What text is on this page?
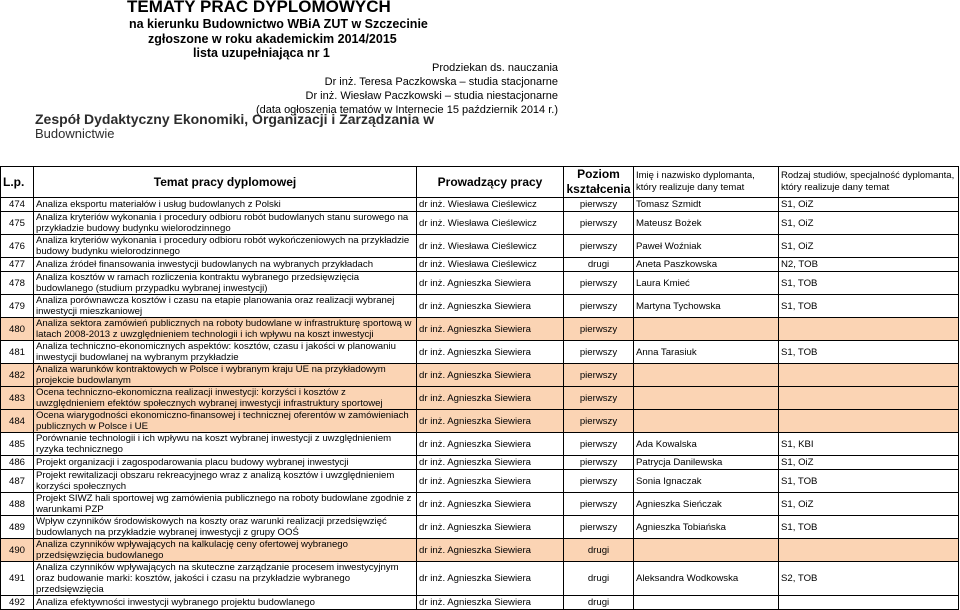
TEMATY PRAC DYPLOMOWYCH
na kierunku Budownictwo WBiA ZUT w Szczecinie
zgłoszone w roku akademickim 2014/2015
lista uzupełniająca nr 1
Prodziekan ds. nauczania
Dr inż. Teresa Paczkowska – studia stacjonarne
Dr inż. Wiesław Paczkowski – studia niestacjonarne
(data ogłoszenia tematów w Internecie 15 październik 2014 r.)
Zespół Dydaktyczny Ekonomiki, Organizacji i Zarządzania w
Budownictwie
L.p.	Temat pracy dyplomowej	Prowadzący pracy	Poziom kształcenia	Imię i nazwisko dyplomanta, który realizuje dany temat	Rodzaj studiów, specjalność dyplomanta, który realizuje dany temat
474	Analiza eksportu materiałów i usług budowlanych z Polski	dr inż. Wiesława Cieślewicz	pierwszy	Tomasz Szmidt	S1, OiZ
475	Analiza kryteriów wykonania i procedury odbioru robót budowlanych stanu surowego na przykładzie budowy budynku wielorodzinnego	dr inż. Wiesława Cieślewicz	pierwszy	Mateusz Bożek	S1, OiZ
476	Analiza kryteriów wykonania i procedury odbioru robót wykończeniowych na przykładzie budowy budynku wielorodzinnego	dr inż. Wiesława Cieślewicz	pierwszy	Paweł Woźniak	S1, OiZ
477	Analiza źródeł finansowania inwestycji budowlanych na wybranych przykładach	dr inż. Wiesława Cieślewicz	drugi	Aneta Paszkowska	N2, TOB
478	Analiza kosztów w ramach rozliczenia kontraktu wybranego przedsięwzięcia budowlanego (studium przypadku wybranej inwestycji)	dr inż. Agnieszka Siewiera	pierwszy	Laura Kmieć	S1, TOB
479	Analiza porównawcza kosztów i czasu na etapie planowania oraz realizacji wybranej inwestycji mieszkaniowej	dr inż. Agnieszka Siewiera	pierwszy	Martyna Tychowska	S1, TOB
480	Analiza sektora zamówień publicznych na roboty budowlane w infrastrukturę sportową w latach 2008-2013 z uwzględnieniem technologii i ich wpływu na koszt inwestycji	dr inż. Agnieszka Siewiera	pierwszy		
481	Analiza techniczno-ekonomicznych aspektów: kosztów, czasu i jakości w planowaniu inwestycji budowlanej na wybranym przykładzie	dr inż. Agnieszka Siewiera	pierwszy	Anna Tarasiuk	S1, TOB
482	Analiza warunków kontraktowych w Polsce i wybranym kraju UE na przykładowym projekcie budowlanym	dr inż. Agnieszka Siewiera	pierwszy		
483	Ocena techniczno-ekonomiczna realizacji inwestycji: korzyści i kosztów z uwzględnieniem efektów społecznych wybranej inwestycji infrastruktury sportowej	dr inż. Agnieszka Siewiera	pierwszy		
484	Ocena wiarygodności ekonomiczno-finansowej i technicznej oferentów w zamówieniach publicznych w Polsce i UE	dr inż. Agnieszka Siewiera	pierwszy		
485	Porównanie technologii i ich wpływu na koszt wybranej inwestycji z uwzględnieniem ryzyka technicznego	dr inż. Agnieszka Siewiera	pierwszy	Ada Kowalska	S1, KBI
486	Projekt organizacji i zagospodarowania placu budowy wybranej inwestycji	dr inż. Agnieszka Siewiera	pierwszy	Patrycja Danilewska	S1, OiZ
487	Projekt rewitalizacji obszaru rekreacyjnego wraz z analizą kosztów i uwzględnieniem korzyści społecznych	dr inż. Agnieszka Siewiera	pierwszy	Sonia Ignaczak	S1, TOB
488	Projekt SIWZ hali sportowej wg zamówienia publicznego na roboty budowlane zgodnie z warunkami PZP	dr inż. Agnieszka Siewiera	pierwszy	Agnieszka Sieńczak	S1, OiZ
489	Wpływ czynników środowiskowych na koszty oraz warunki realizacji przedsięwzięć budowlanych na przykładzie wybranej inwestycji z grupy OOŚ	dr inż. Agnieszka Siewiera	pierwszy	Agnieszka Tobiańska	S1, TOB
490	Analiza czynników wpływających na kalkulację ceny ofertowej wybranego przedsięwzięcia budowlanego	dr inż. Agnieszka Siewiera	drugi		
491	Analiza czynników wpływających na skuteczne zarządzanie procesem inwestycyjnym oraz budowanie marki: kosztów, jakości i czasu na przykładzie wybranego przedsięwzięcia	dr inż. Agnieszka Siewiera	drugi	Aleksandra Wodkowska	S2, TOB
492	Analiza efektywności inwestycji wybranego projektu budowlanego	dr inż. Agnieszka Siewiera	drugi		
